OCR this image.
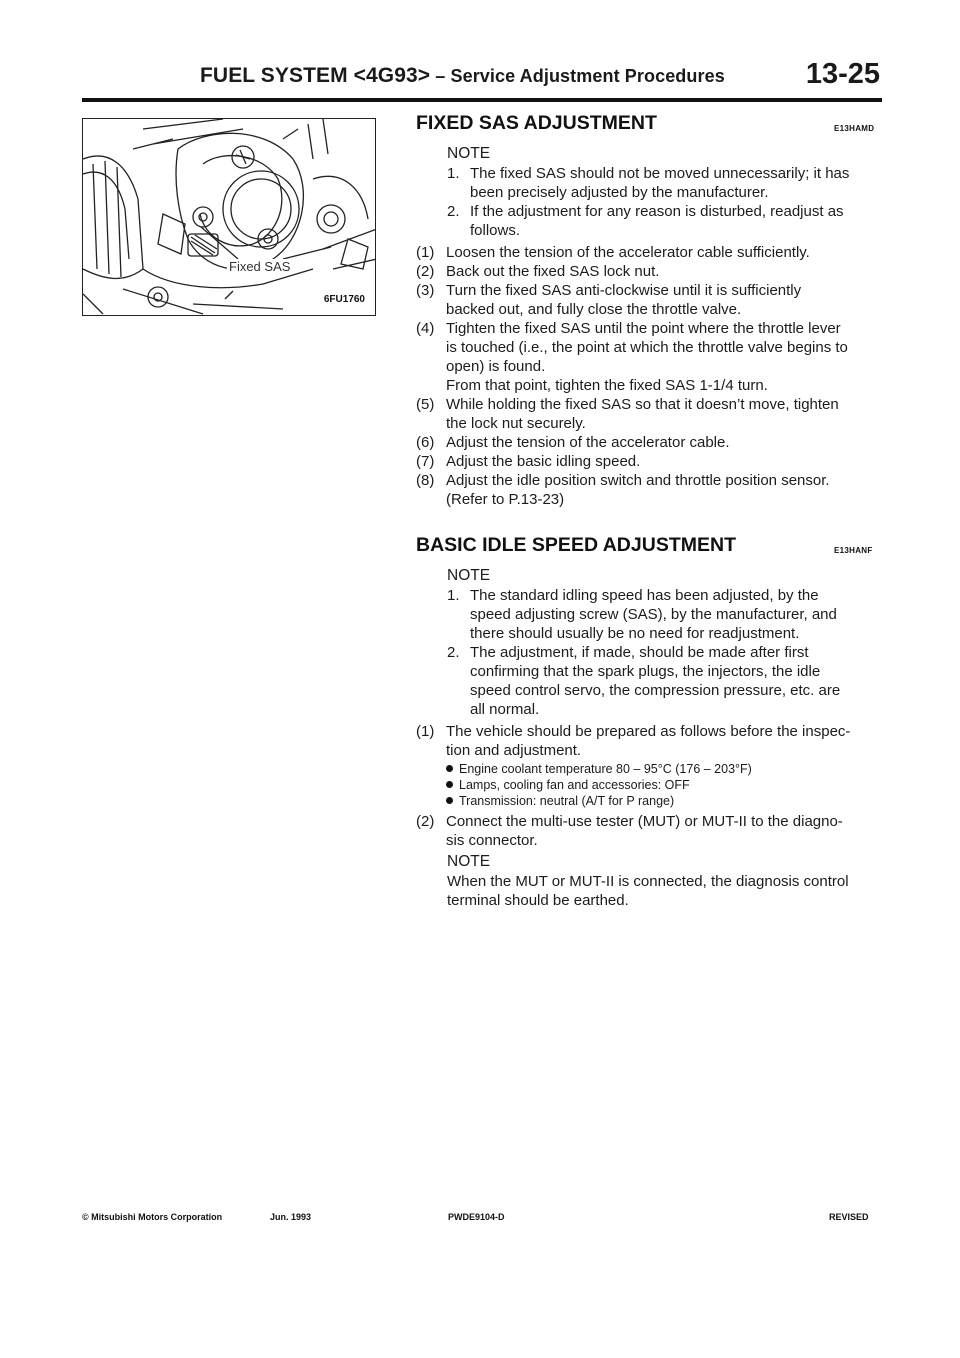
FUEL SYSTEM <4G93> – Service Adjustment Procedures	13-25
Fixed SAS
6FU1760
FIXED SAS ADJUSTMENT	E13HAMD
NOTE
1. The fixed SAS should not be moved unnecessarily; it has
been precisely adjusted by the manufacturer.
2. If the adjustment for any reason is disturbed, readjust as
follows.
(1) Loosen the tension of the accelerator cable sufficiently.
(2) Back out the fixed SAS lock nut.
(3) Turn the fixed SAS anti-clockwise until it is sufficiently
backed out, and fully close the throttle valve.
(4) Tighten the fixed SAS until the point where the throttle lever
is touched (i.e., the point at which the throttle valve begins to
open) is found.
From that point, tighten the fixed SAS 1-1/4 turn.
(5) While holding the fixed SAS so that it doesn’t move, tighten
the lock nut securely.
(6) Adjust the tension of the accelerator cable.
(7) Adjust the basic idling speed.
(8) Adjust the idle position switch and throttle position sensor.
(Refer to P.13-23)
BASIC IDLE SPEED ADJUSTMENT	E13HANF
NOTE
1. The standard idling speed has been adjusted, by the
speed adjusting screw (SAS), by the manufacturer, and
there should usually be no need for readjustment.
2. The adjustment, if made, should be made after first
confirming that the spark plugs, the injectors, the idle
speed control servo, the compression pressure, etc. are
all normal.
(1) The vehicle should be prepared as follows before the inspec-
tion and adjustment.
Engine coolant temperature 80 – 95°C (176 – 203°F)
Lamps, cooling fan and accessories: OFF
Transmission: neutral (A/T for P range)
(2) Connect the multi-use tester (MUT) or MUT-II to the diagno-
sis connector.
NOTE
When the MUT or MUT-II is connected, the diagnosis control
terminal should be earthed.
© Mitsubishi Motors Corporation	Jun. 1993	PWDE9104-D	REVISED
